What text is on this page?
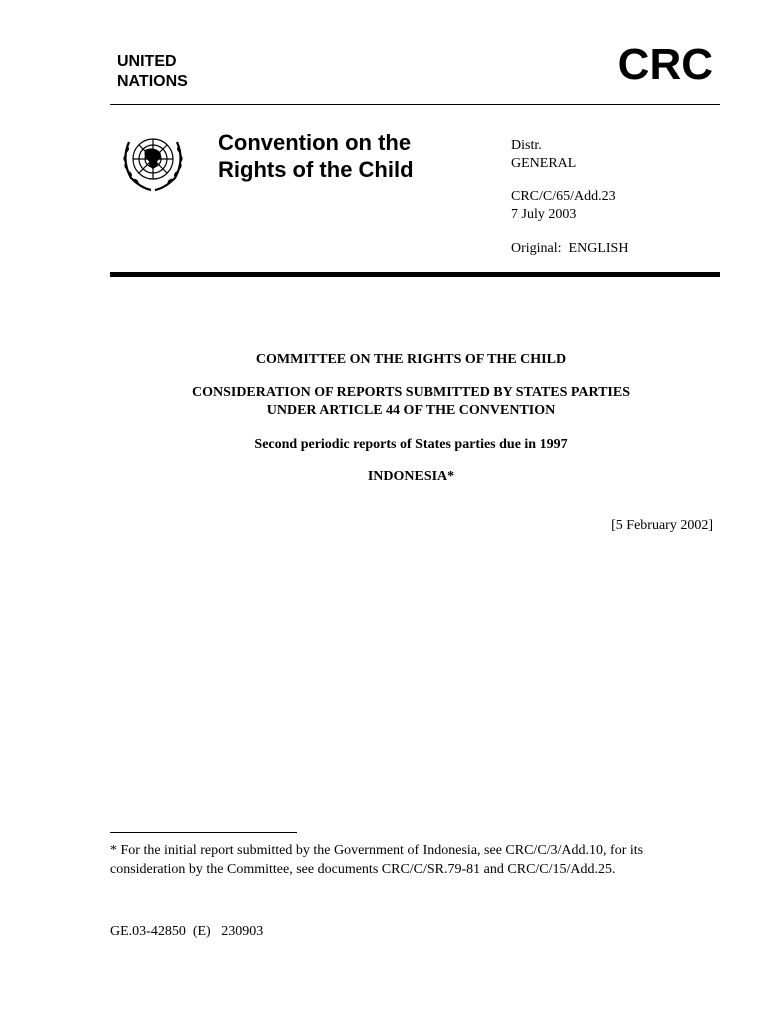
UNITED
NATIONS	CRC
Convention on the
Rights of the Child
Distr.
GENERAL
CRC/C/65/Add.23
7 July 2003
Original:  ENGLISH
COMMITTEE ON THE RIGHTS OF THE CHILD
CONSIDERATION OF REPORTS SUBMITTED BY STATES PARTIES
UNDER ARTICLE 44 OF THE CONVENTION
Second periodic reports of States parties due in 1997
INDONESIA*
[5 February 2002]
* For the initial report submitted by the Government of Indonesia, see CRC/C/3/Add.10, for its consideration by the Committee, see documents CRC/C/SR.79-81 and CRC/C/15/Add.25.
GE.03-42850  (E)   230903
